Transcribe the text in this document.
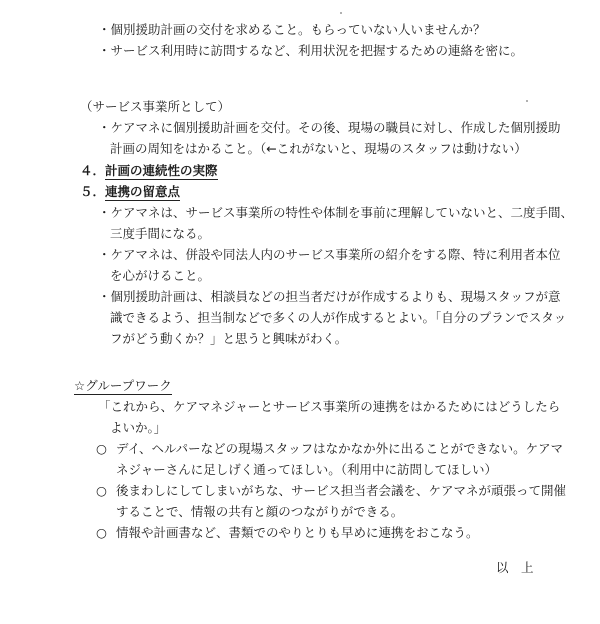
・個別援助計画の交付を求めること。もらっていない人いませんか？
・サービス利用時に訪問するなど、利用状況を把握するための連絡を密に。
（サービス事業所として）
・ケアマネに個別援助計画を交付。その後、現場の職員に対し、作成した個別援助
計画の周知をはかること。（←これがないと、現場のスタッフは動けない）
４．計画の連続性の実際
５．連携の留意点
・ケアマネは、サービス事業所の特性や体制を事前に理解していないと、二度手間、
三度手間になる。
・ケアマネは、併設や同法人内のサービス事業所の紹介をする際、特に利用者本位
を心がけること。
・個別援助計画は、相談員などの担当者だけが作成するよりも、現場スタッフが意
識できるよう、担当制などで多くの人が作成するとよい。「自分のプランでスタッ
フがどう動くか？」と思うと興味がわく。
☆グループワーク
「これから、ケアマネジャーとサービス事業所の連携をはかるためにはどうしたら
よいか。」
○ デイ、ヘルパーなどの現場スタッフはなかなか外に出ることができない。ケアマ
ネジャーさんに足しげく通ってほしい。（利用中に訪問してほしい）
○ 後まわしにしてしまいがちな、サービス担当者会議を、ケアマネが頑張って開催
することで、情報の共有と顔のつながりができる。
○ 情報や計画書など、書類でのやりとりも早めに連携をおこなう。
以　上
